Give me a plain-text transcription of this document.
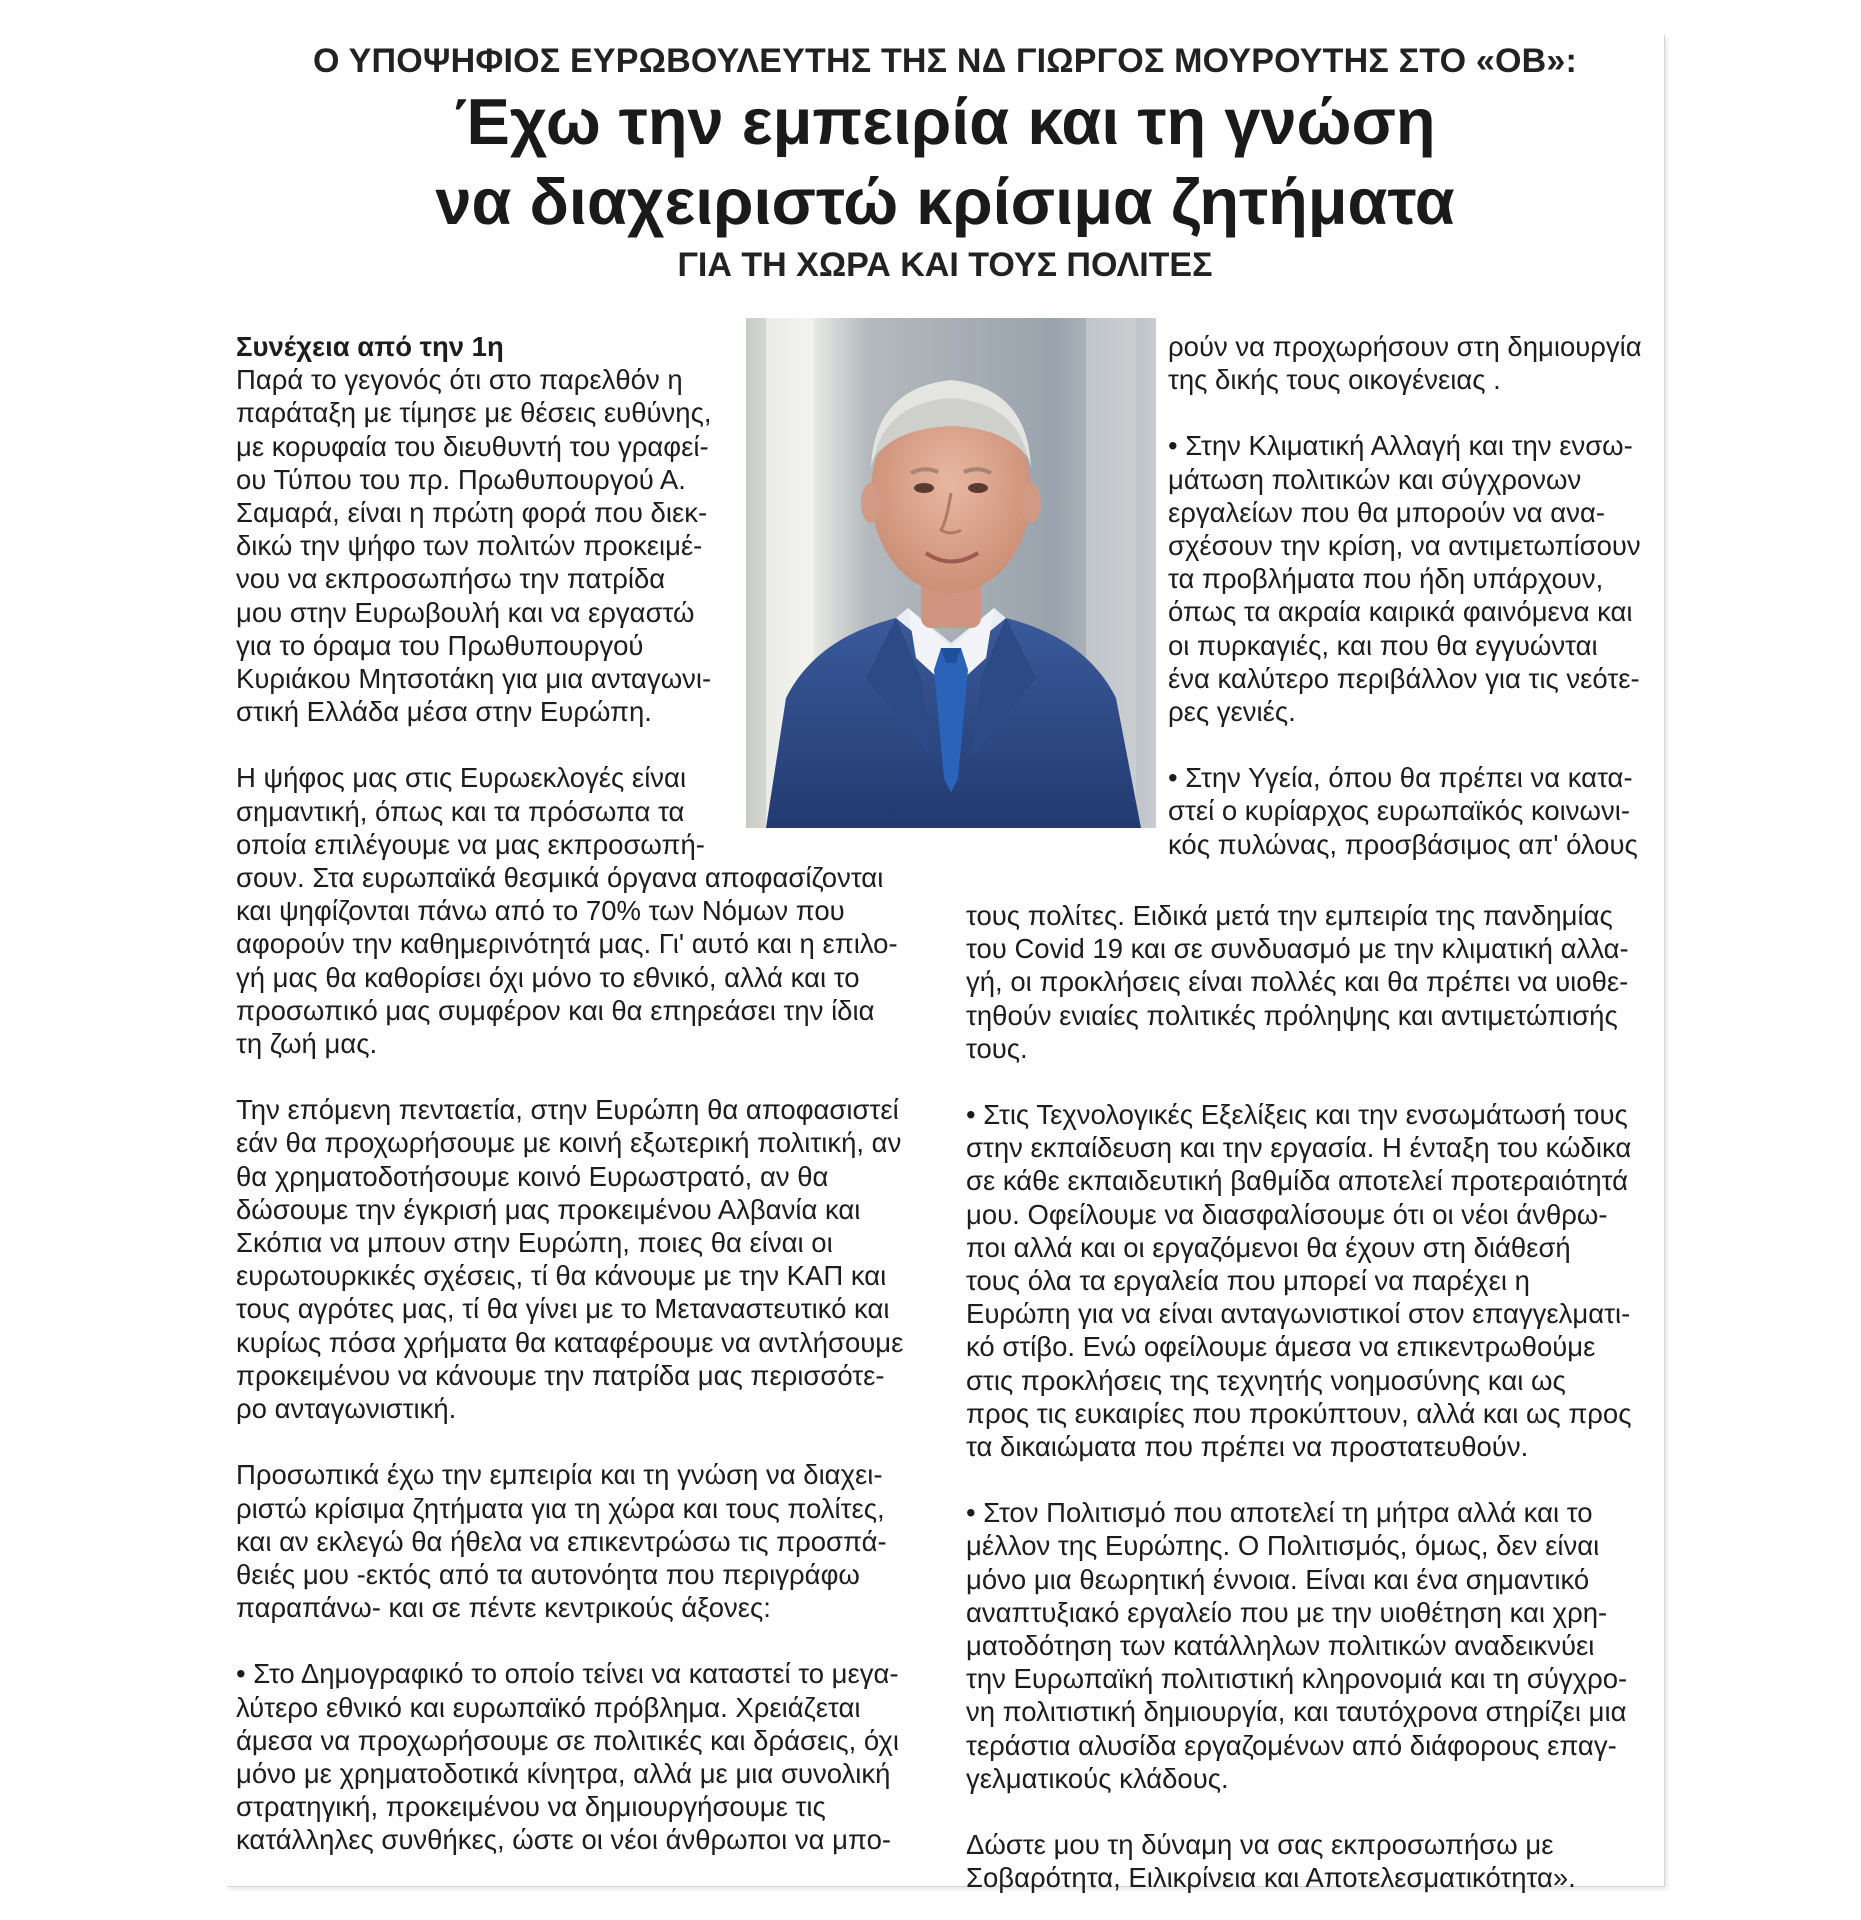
Ο ΥΠΟΨΗΦΙΟΣ ΕΥΡΩΒΟΥΛΕΥΤΗΣ ΤΗΣ ΝΔ ΓΙΩΡΓΟΣ ΜΟΥΡΟΥΤΗΣ ΣΤΟ «ΟΒ»:
Έχω την εμπειρία και τη γνώση
να διαχειριστώ κρίσιμα ζητήματα
ΓΙΑ ΤΗ ΧΩΡΑ ΚΑΙ ΤΟΥΣ ΠΟΛΙΤΕΣ
Συνέχεια από την 1η
Παρά το γεγονός ότι στο παρελθόν η
παράταξη με τίμησε με θέσεις ευθύνης,
με κορυφαία του διευθυντή του γραφεί-
ου Τύπου του πρ. Πρωθυπουργού Α.
Σαμαρά, είναι η πρώτη φορά που διεκ-
δικώ την ψήφο των πολιτών προκειμέ-
νου να εκπροσωπήσω την πατρίδα
μου στην Ευρωβουλή και να εργαστώ
για το όραμα του Πρωθυπουργού
Κυριάκου Μητσοτάκη για μια ανταγωνι-
στική Ελλάδα μέσα στην Ευρώπη.
Η ψήφος μας στις Ευρωεκλογές είναι
σημαντική, όπως και τα πρόσωπα τα
οποία επιλέγουμε να μας εκπροσωπή-
σουν. Στα ευρωπαϊκά θεσμικά όργανα αποφασίζονται
και ψηφίζονται πάνω από το 70% των Νόμων που
αφορούν την καθημερινότητά μας. Γι' αυτό και η επιλο-
γή μας θα καθορίσει όχι μόνο το εθνικό, αλλά και το
προσωπικό μας συμφέρον και θα επηρεάσει την ίδια
τη ζωή μας.
Την επόμενη πενταετία, στην Ευρώπη θα αποφασιστεί
εάν θα προχωρήσουμε με κοινή εξωτερική πολιτική, αν
θα χρηματοδοτήσουμε κοινό Ευρωστρατό, αν θα
δώσουμε την έγκρισή μας προκειμένου Αλβανία και
Σκόπια να μπουν στην Ευρώπη, ποιες θα είναι οι
ευρωτουρκικές σχέσεις, τί θα κάνουμε με την ΚΑΠ και
τους αγρότες μας, τί θα γίνει με το Μεταναστευτικό και
κυρίως πόσα χρήματα θα καταφέρουμε να αντλήσουμε
προκειμένου να κάνουμε την πατρίδα μας περισσότε-
ρο ανταγωνιστική.
Προσωπικά έχω την εμπειρία και τη γνώση να διαχει-
ριστώ κρίσιμα ζητήματα για τη χώρα και τους πολίτες,
και αν εκλεγώ θα ήθελα να επικεντρώσω τις προσπά-
θειές μου -εκτός από τα αυτονόητα που περιγράφω
παραπάνω- και σε πέντε κεντρικούς άξονες:
• Στο Δημογραφικό το οποίο τείνει να καταστεί το μεγα-
λύτερο εθνικό και ευρωπαϊκό πρόβλημα. Χρειάζεται
άμεσα να προχωρήσουμε σε πολιτικές και δράσεις, όχι
μόνο με χρηματοδοτικά κίνητρα, αλλά με μια συνολική
στρατηγική, προκειμένου να δημιουργήσουμε τις
κατάλληλες συνθήκες, ώστε οι νέοι άνθρωποι να μπο-
ρούν να προχωρήσουν στη δημιουργία
της δικής τους οικογένειας .
• Στην Κλιματική Αλλαγή και την ενσω-
μάτωση πολιτικών και σύγχρονων
εργαλείων που θα μπορούν να ανα-
σχέσουν την κρίση, να αντιμετωπίσουν
τα προβλήματα που ήδη υπάρχουν,
όπως τα ακραία καιρικά φαινόμενα και
οι πυρκαγιές, και που θα εγγυώνται
ένα καλύτερο περιβάλλον για τις νεότε-
ρες γενιές.
• Στην Υγεία, όπου θα πρέπει να κατα-
στεί ο κυρίαρχος ευρωπαϊκός κοινωνι-
κός πυλώνας, προσβάσιμος απ' όλους
τους πολίτες. Ειδικά μετά την εμπειρία της πανδημίας
του Covid 19 και σε συνδυασμό με την κλιματική αλλα-
γή, οι προκλήσεις είναι πολλές και θα πρέπει να υιοθε-
τηθούν ενιαίες πολιτικές πρόληψης και αντιμετώπισής
τους.
• Στις Τεχνολογικές Εξελίξεις και την ενσωμάτωσή τους
στην εκπαίδευση και την εργασία. Η ένταξη του κώδικα
σε κάθε εκπαιδευτική βαθμίδα αποτελεί προτεραιότητά
μου. Οφείλουμε να διασφαλίσουμε ότι οι νέοι άνθρω-
ποι αλλά και οι εργαζόμενοι θα έχουν στη διάθεσή
τους όλα τα εργαλεία που μπορεί να παρέχει η
Ευρώπη για να είναι ανταγωνιστικοί στον επαγγελματι-
κό στίβο. Ενώ οφείλουμε άμεσα να επικεντρωθούμε
στις προκλήσεις της τεχνητής νοημοσύνης και ως
προς τις ευκαιρίες που προκύπτουν, αλλά και ως προς
τα δικαιώματα που πρέπει να προστατευθούν.
• Στον Πολιτισμό που αποτελεί τη μήτρα αλλά και το
μέλλον της Ευρώπης. Ο Πολιτισμός, όμως, δεν είναι
μόνο μια θεωρητική έννοια. Είναι και ένα σημαντικό
αναπτυξιακό εργαλείο που με την υιοθέτηση και χρη-
ματοδότηση των κατάλληλων πολιτικών αναδεικνύει
την Ευρωπαϊκή πολιτιστική κληρονομιά και τη σύγχρο-
νη πολιτιστική δημιουργία, και ταυτόχρονα στηρίζει μια
τεράστια αλυσίδα εργαζομένων από διάφορους επαγ-
γελματικούς κλάδους.
Δώστε μου τη δύναμη να σας εκπροσωπήσω με
Σοβαρότητα, Ειλικρίνεια και Αποτελεσματικότητα».
